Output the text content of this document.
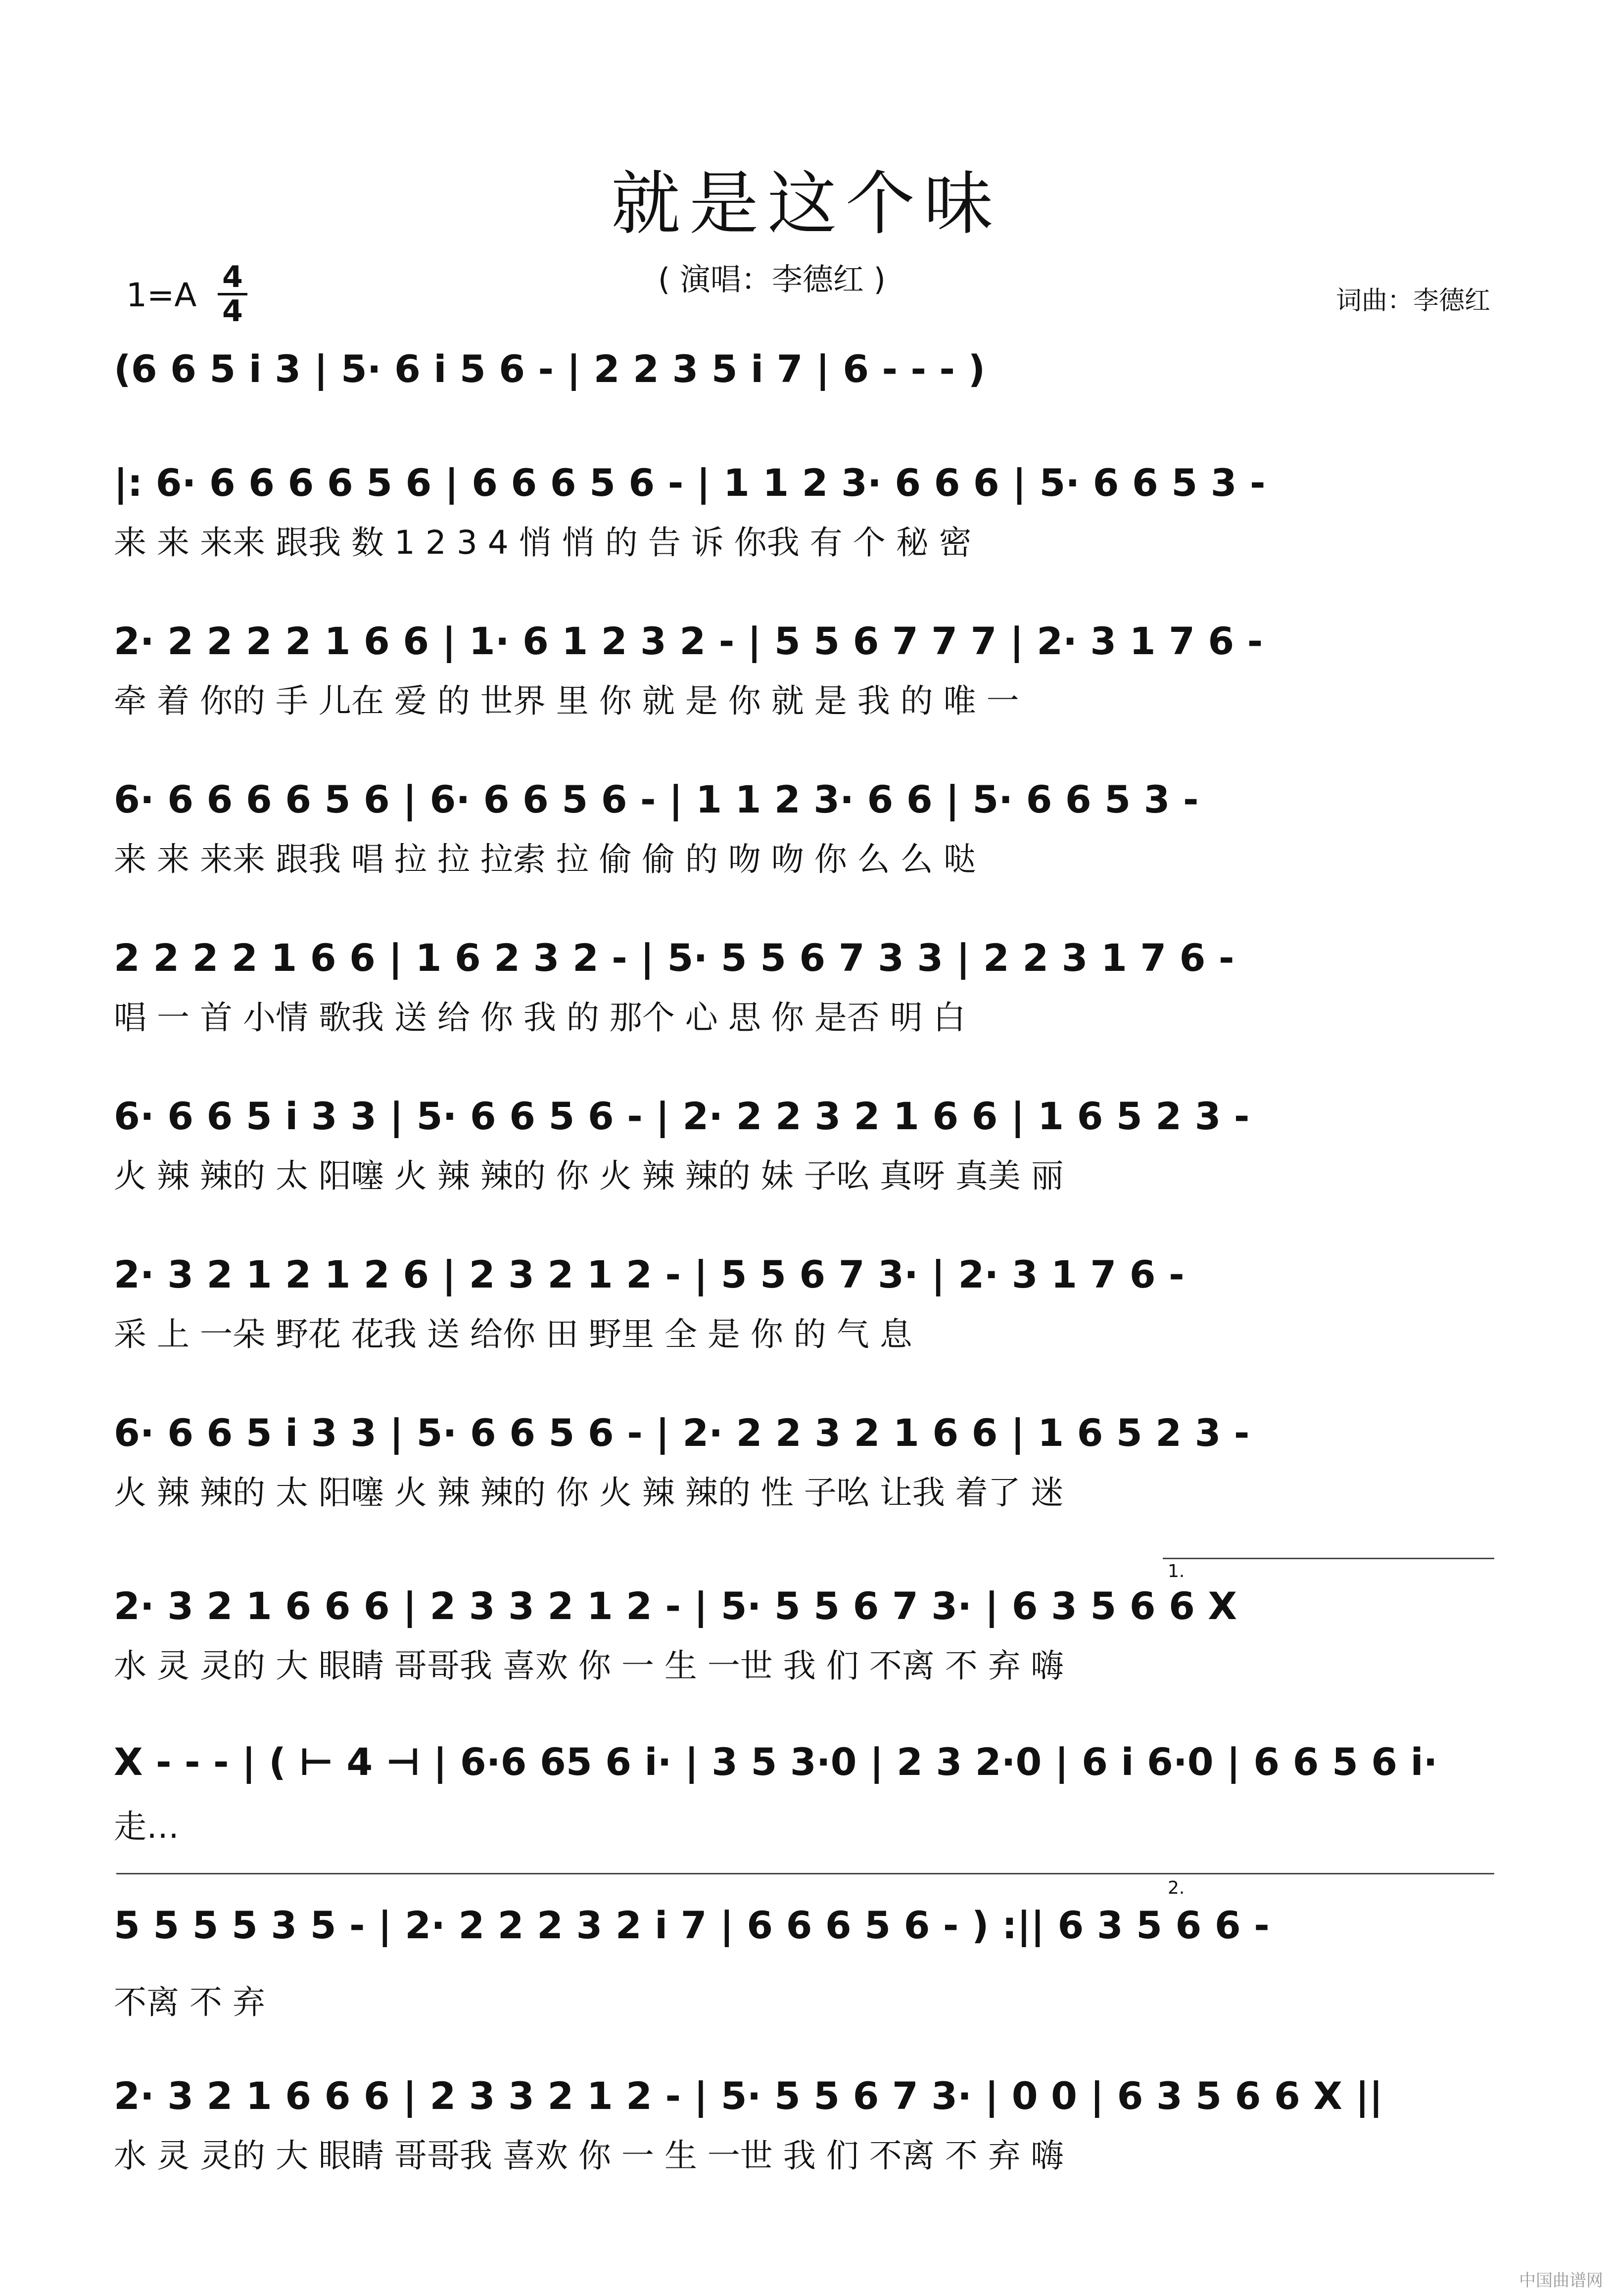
就是这个味
( 演唱：李德红 )
1=A 4
4	词曲：李德红
(6 6 5 i 3 | 5· 6 i 5 6 - | 2 2 3 5 i 7 | 6 - - - )
|: 6· 6 6 6 6 5 6 | 6 6 6 5 6 - | 1 1 2 3· 6 6 6 | 5· 6 6 5 3 -
来 来 来来 跟我 数 1 2 3 4 悄 悄 的 告 诉 你我 有 个 秘 密
2· 2 2 2 2 1 6 6 | 1· 6 1 2 3 2 - | 5 5 6 7 7 7 | 2· 3 1 7 6 -
牵 着 你的 手 儿在 爱 的 世界 里 你 就 是 你 就 是 我 的 唯 一
6· 6 6 6 6 5 6 | 6· 6 6 5 6 - | 1 1 2 3· 6 6 | 5· 6 6 5 3 -
来 来 来来 跟我 唱 拉 拉 拉索 拉 偷 偷 的 吻 吻 你 么 么 哒
2 2 2 2 1 6 6 | 1 6 2 3 2 - | 5· 5 5 6 7 3 3 | 2 2 3 1 7 6 -
唱 一 首 小情 歌我 送 给 你 我 的 那个 心 思 你 是否 明 白
6· 6 6 5 i 3 3 | 5· 6 6 5 6 - | 2· 2 2 3 2 1 6 6 | 1 6 5 2 3 -
火 辣 辣的 太 阳噻 火 辣 辣的 你 火 辣 辣的 妹 子吆 真呀 真美 丽
2· 3 2 1 2 1 2 6 | 2 3 2 1 2 - | 5 5 6 7 3· | 2· 3 1 7 6 -
采 上 一朵 野花 花我 送 给你 田 野里 全 是 你 的 气 息
6· 6 6 5 i 3 3 | 5· 6 6 5 6 - | 2· 2 2 3 2 1 6 6 | 1 6 5 2 3 -
火 辣 辣的 太 阳噻 火 辣 辣的 你 火 辣 辣的 性 子吆 让我 着了 迷
1.
2· 3 2 1 6 6 6 | 2 3 3 2 1 2 - | 5· 5 5 6 7 3· | 6 3 5 6 6 X
水 灵 灵的 大 眼睛 哥哥我 喜欢 你 一 生 一世 我 们 不离 不 弃 嗨
X - - - | ( ⊢ 4 ⊣ | 6·6 65 6 i· | 3 5 3·0 | 2 3 2·0 | 6 i 6·0 | 6 6 5 6 i·
走…
2.
5 5 5 5 3 5 - | 2· 2 2 2 3 2 i 7 | 6 6 6 5 6 - ) :|| 6 3 5 6 6 -
不离 不 弃
2· 3 2 1 6 6 6 | 2 3 3 2 1 2 - | 5· 5 5 6 7 3· | 0 0 | 6 3 5 6 6 X ||
水 灵 灵的 大 眼睛 哥哥我 喜欢 你 一 生 一世 我 们 不离 不 弃 嗨
中国曲谱网
